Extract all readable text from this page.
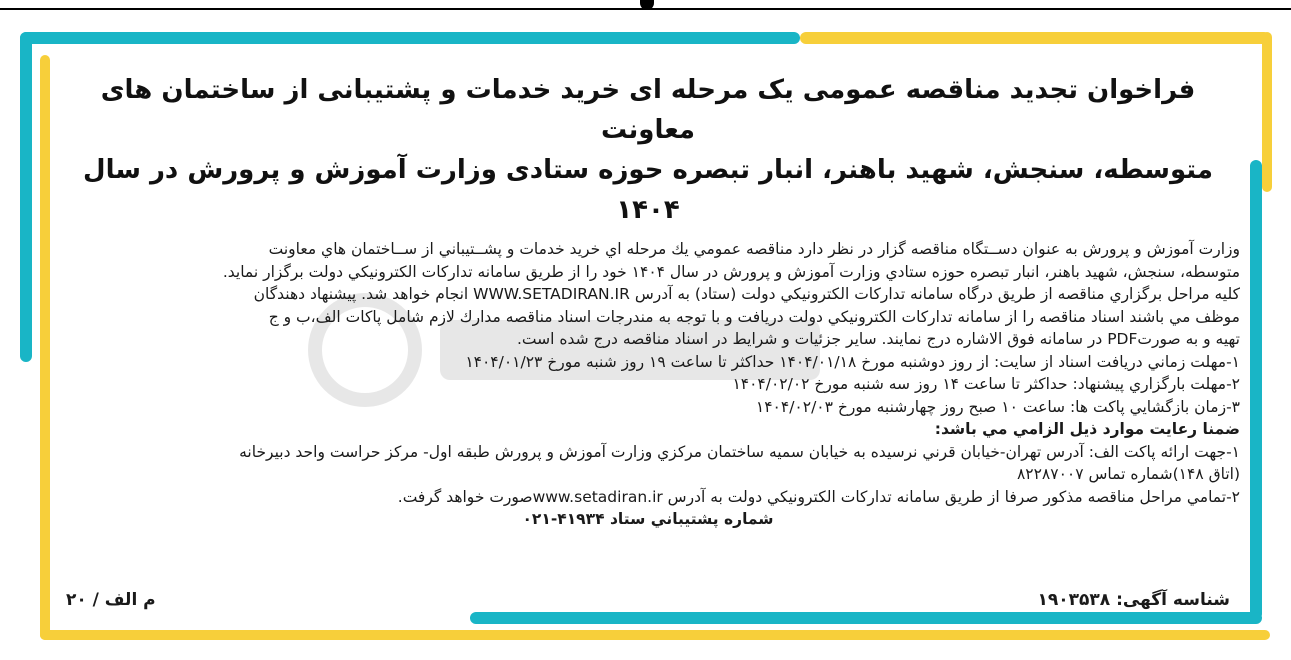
فراخوان تجدید مناقصه عمومی یک مرحله ای خرید خدمات و پشتیبانی از ساختمان های معاونت
متوسطه، سنجش، شهید باهنر، انبار تبصره حوزه ستادی وزارت آموزش و پرورش در سال ۱۴۰۴
وزارت آموزش و پرورش به عنوان دســتگاه مناقصه گزار در نظر دارد مناقصه عمومي يك مرحله اي خريد خدمات و پشــتيباني از ســاختمان هاي معاونت
متوسطه، سنجش، شهيد باهنر، انبار تبصره حوزه ستادي وزارت آموزش و پرورش در سال ۱۴۰۴ خود را از طريق سامانه تداركات الكترونيكي دولت برگزار نمايد.
كليه مراحل برگزاري مناقصه از طريق درگاه سامانه تداركات الكترونيكي دولت (ستاد) به آدرس WWW.SETADIRAN.IR انجام خواهد شد. پيشنهاد دهندگان
موظف مي باشند اسناد مناقصه را از سامانه تداركات الكترونيكي دولت دريافت و با توجه به مندرجات اسناد مناقصه مدارك لازم شامل پاكات الف،ب و ج
تهيه و به صورتPDF در سامانه فوق الاشاره درج نمايند. ساير جزئيات و شرايط در اسناد مناقصه درج شده است.
۱-مهلت زماني دريافت اسناد از سايت: از روز دوشنبه مورخ ۱۴۰۴/۰۱/۱۸ حداكثر تا ساعت ۱۹ روز شنبه مورخ ۱۴۰۴/۰۱/۲۳
۲-مهلت بارگزاري پيشنهاد: حداكثر تا ساعت ۱۴ روز سه شنبه مورخ ۱۴۰۴/۰۲/۰۲
۳-زمان بازگشايي پاكت ها: ساعت ۱۰ صبح روز چهارشنبه مورخ ۱۴۰۴/۰۲/۰۳
ضمنا رعايت موارد ذيل الزامي مي باشد:
۱-جهت ارائه پاكت الف: آدرس تهران-خيابان قرني نرسيده به خيابان سميه ساختمان مركزي وزارت آموزش و پرورش طبقه اول- مركز حراست واحد دبيرخانه
(اتاق ۱۴۸)شماره تماس ۸۲۲۸۷۰۰۷
۲-تمامي مراحل مناقصه مذكور صرفا از طريق سامانه تداركات الكترونيكي دولت به آدرس www.setadiran.irصورت خواهد گرفت.
شماره پشتيباني ستاد ۴۱۹۳۴-۰۲۱
شناسه آگهی: ۱۹۰۳۵۳۸
م الف / ۲۰
